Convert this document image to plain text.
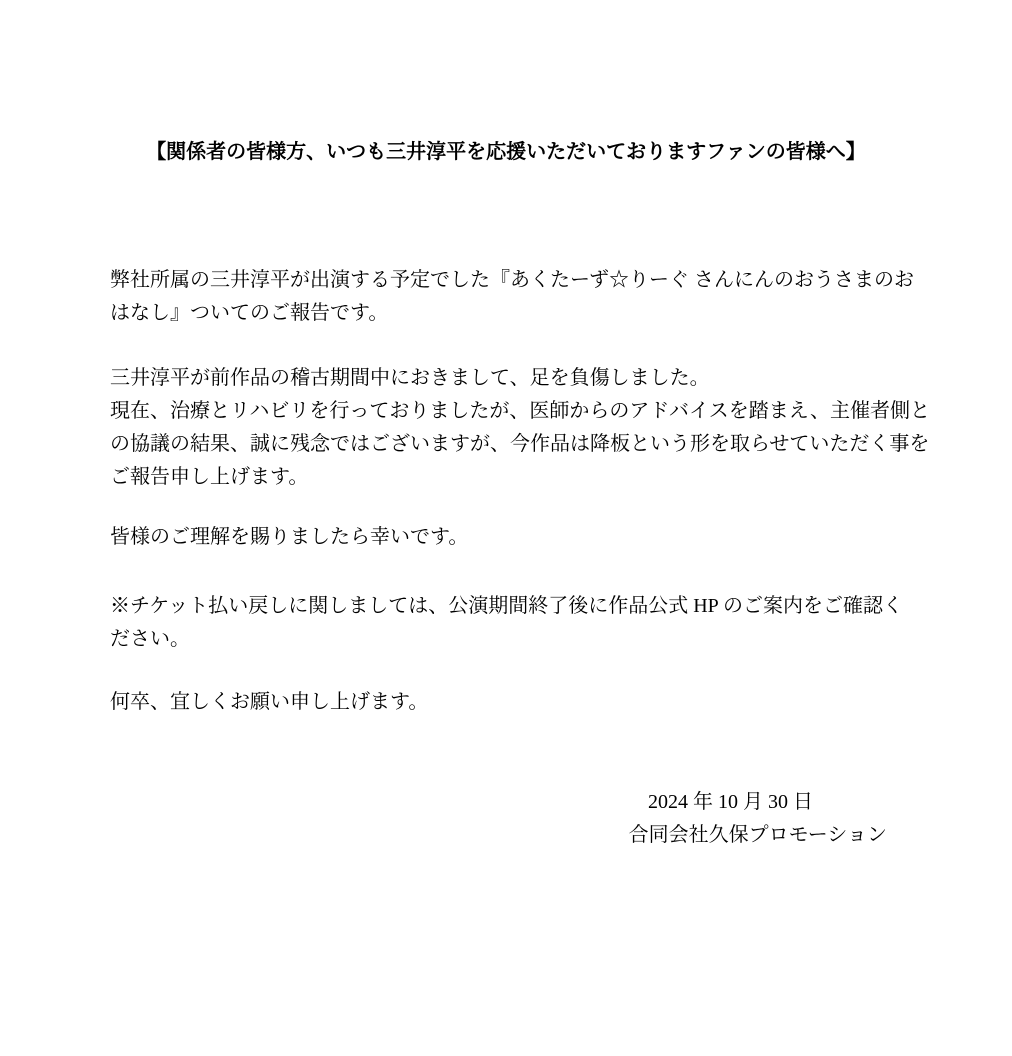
【関係者の皆様方、いつも三井淳平を応援いただいておりますファンの皆様へ】
弊社所属の三井淳平が出演する予定でした『あくたーず☆りーぐ さんにんのおうさまのお
はなし』ついてのご報告です。
三井淳平が前作品の稽古期間中におきまして、足を負傷しました。
現在、治療とリハビリを行っておりましたが、医師からのアドバイスを踏まえ、主催者側と
の協議の結果、誠に残念ではございますが、今作品は降板という形を取らせていただく事を
ご報告申し上げます。
皆様のご理解を賜りましたら幸いです。
※チケット払い戻しに関しましては、公演期間終了後に作品公式 HP のご案内をご確認く
ださい。
何卒、宜しくお願い申し上げます。
2024 年 10 月 30 日
合同会社久保プロモーション
